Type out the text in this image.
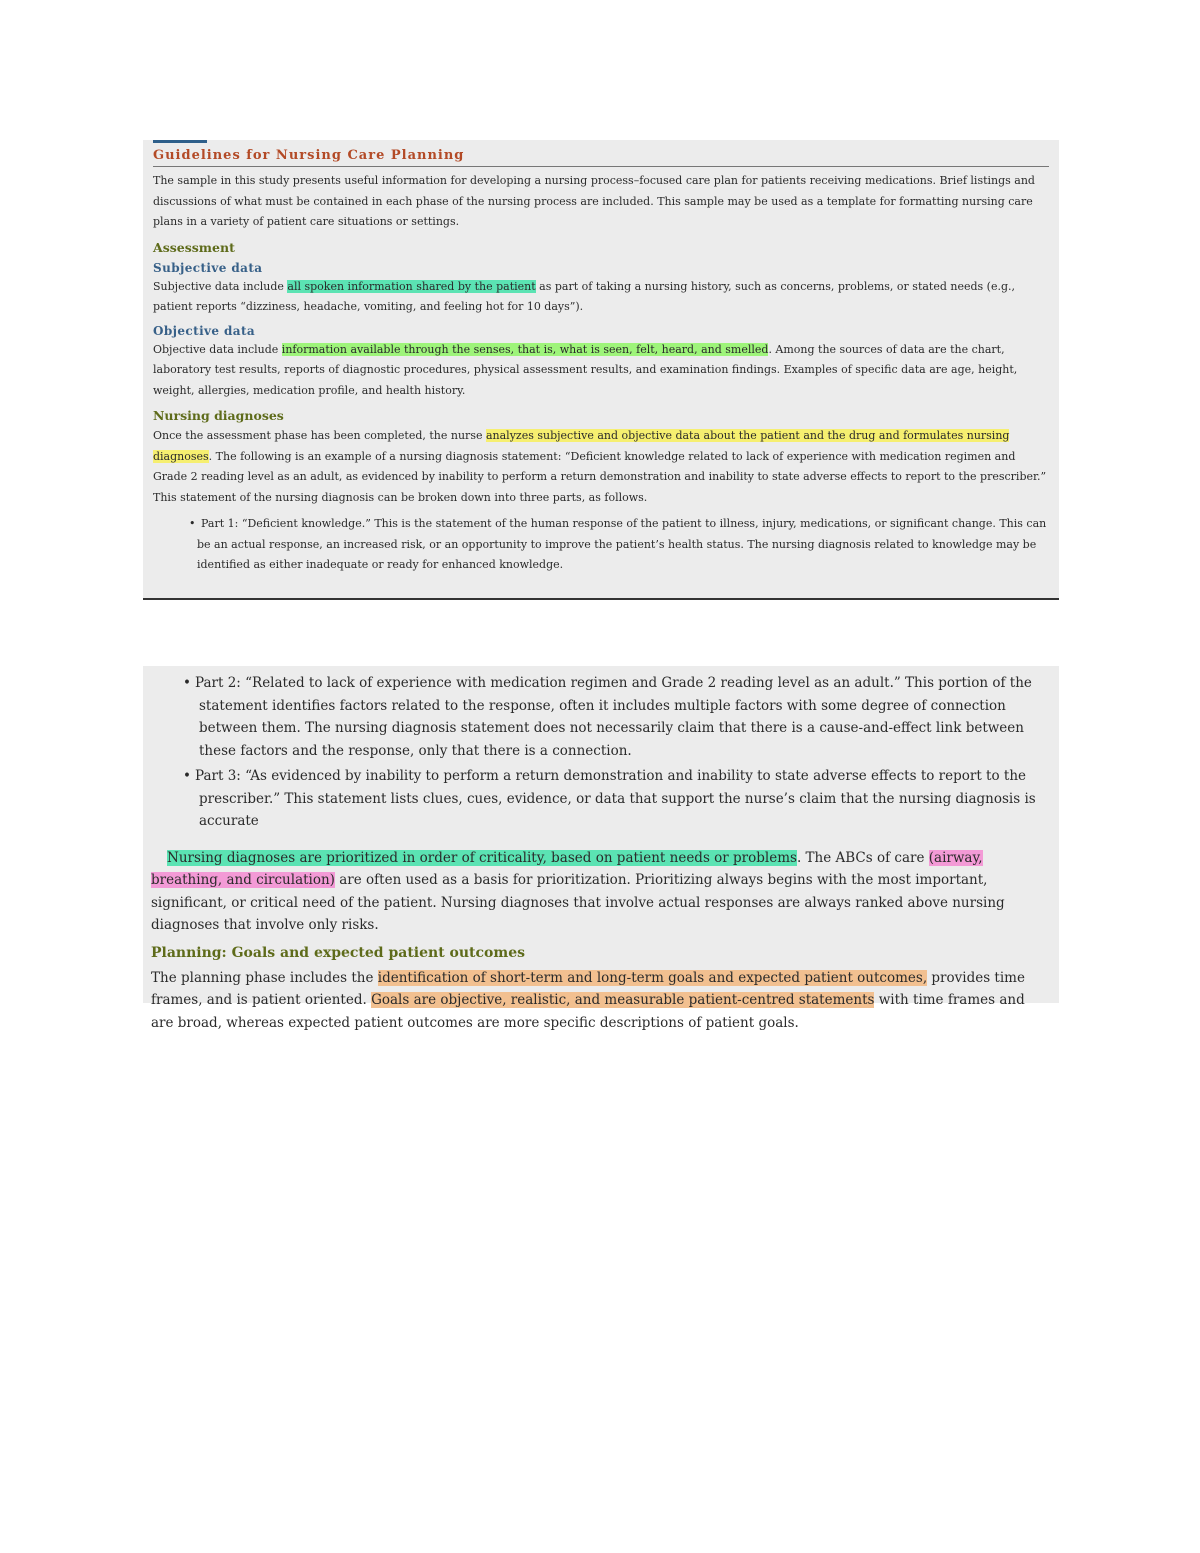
Guidelines for Nursing Care Planning

The sample in this study presents useful information for developing a nursing process–focused care plan for patients receiving medications. Brief listings and discussions of what must be contained in each phase of the nursing process are included. This sample may be used as a template for formatting nursing care plans in a variety of patient care situations or settings.

Assessment
Subjective data

Subjective data include all spoken information shared by the patient as part of taking a nursing history, such as concerns, problems, or stated needs (e.g., patient reports “dizziness, headache, vomiting, and feeling hot for 10 days”).

Objective data

Objective data include information available through the senses, that is, what is seen, felt, heard, and smelled. Among the sources of data are the chart, laboratory test results, reports of diagnostic procedures, physical assessment results, and examination findings. Examples of specific data are age, height, weight, allergies, medication profile, and health history.

Nursing diagnoses

Once the assessment phase has been completed, the nurse analyzes subjective and objective data about the patient and the drug and formulates nursing diagnoses. The following is an example of a nursing diagnosis statement: “Deficient knowledge related to lack of experience with medication regimen and Grade 2 reading level as an adult, as evidenced by inability to perform a return demonstration and inability to state adverse effects to report to the prescriber.” This statement of the nursing diagnosis can be broken down into three parts, as follows.

• Part 1: “Deficient knowledge.” This is the statement of the human response of the patient to illness, injury, medications, or significant change. This can be an actual response, an increased risk, or an opportunity to improve the patient’s health status. The nursing diagnosis related to knowledge may be identified as either inadequate or ready for enhanced knowledge.

• Part 2: “Related to lack of experience with medication regimen and Grade 2 reading level as an adult.” This portion of the statement identifies factors related to the response, often it includes multiple factors with some degree of connection between them. The nursing diagnosis statement does not necessarily claim that there is a cause-and-effect link between these factors and the response, only that there is a connection.

• Part 3: “As evidenced by inability to perform a return demonstration and inability to state adverse effects to report to the prescriber.” This statement lists clues, cues, evidence, or data that support the nurse’s claim that the nursing diagnosis is accurate

Nursing diagnoses are prioritized in order of criticality, based on patient needs or problems. The ABCs of care (airway, breathing, and circulation) are often used as a basis for prioritization. Prioritizing always begins with the most important, significant, or critical need of the patient. Nursing diagnoses that involve actual responses are always ranked above nursing diagnoses that involve only risks.

Planning: Goals and expected patient outcomes

The planning phase includes the identification of short-term and long-term goals and expected patient outcomes, provides time frames, and is patient oriented. Goals are objective, realistic, and measurable patient-centred statements with time frames and are broad, whereas expected patient outcomes are more specific descriptions of patient goals.
